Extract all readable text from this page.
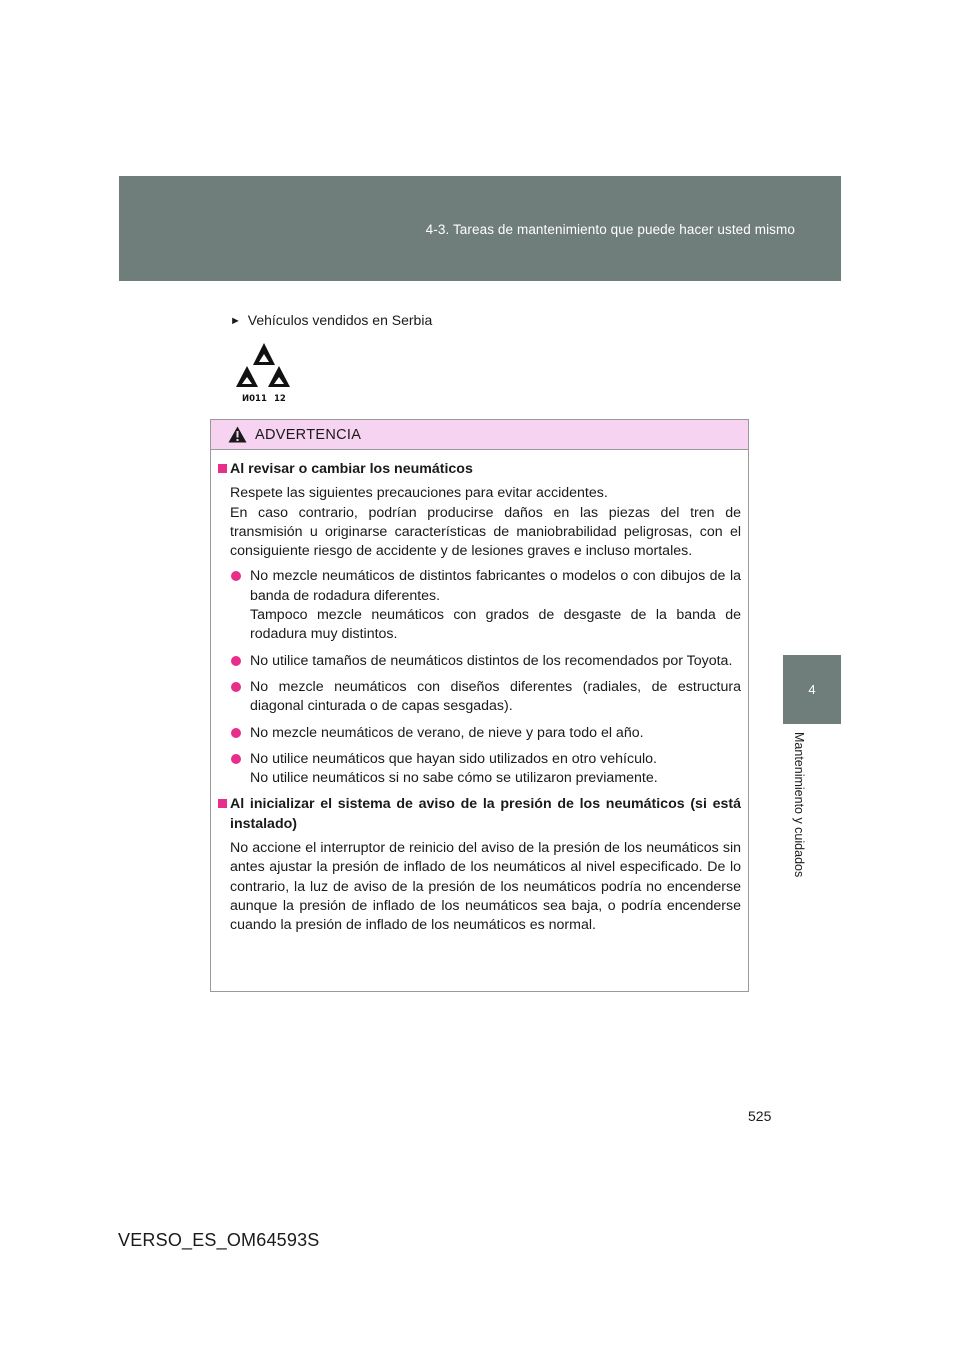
4-3. Tareas de mantenimiento que puede hacer usted mismo
4
Mantenimiento y cuidados
► Vehículos vendidos en Serbia
И011 12
ADVERTENCIA
Al revisar o cambiar los neumáticos
Respete las siguientes precauciones para evitar accidentes.
En caso contrario, podrían producirse daños en las piezas del tren de transmisión u originarse características de maniobrabilidad peligrosas, con el consiguiente riesgo de accidente y de lesiones graves e incluso mortales.
No mezcle neumáticos de distintos fabricantes o modelos o con dibujos de la banda de rodadura diferentes.
Tampoco mezcle neumáticos con grados de desgaste de la banda de rodadura muy distintos.
No utilice tamaños de neumáticos distintos de los recomendados por Toyota.
No mezcle neumáticos con diseños diferentes (radiales, de estructura diagonal cinturada o de capas sesgadas).
No mezcle neumáticos de verano, de nieve y para todo el año.
No utilice neumáticos que hayan sido utilizados en otro vehículo.
No utilice neumáticos si no sabe cómo se utilizaron previamente.
Al inicializar el sistema de aviso de la presión de los neumáticos (si está instalado)
No accione el interruptor de reinicio del aviso de la presión de los neumáticos sin antes ajustar la presión de inflado de los neumáticos al nivel especificado. De lo contrario, la luz de aviso de la presión de los neumáticos podría no encenderse aunque la presión de inflado de los neumáticos sea baja, o podría encenderse cuando la presión de inflado de los neumáticos es normal.
525
VERSO_ES_OM64593S
